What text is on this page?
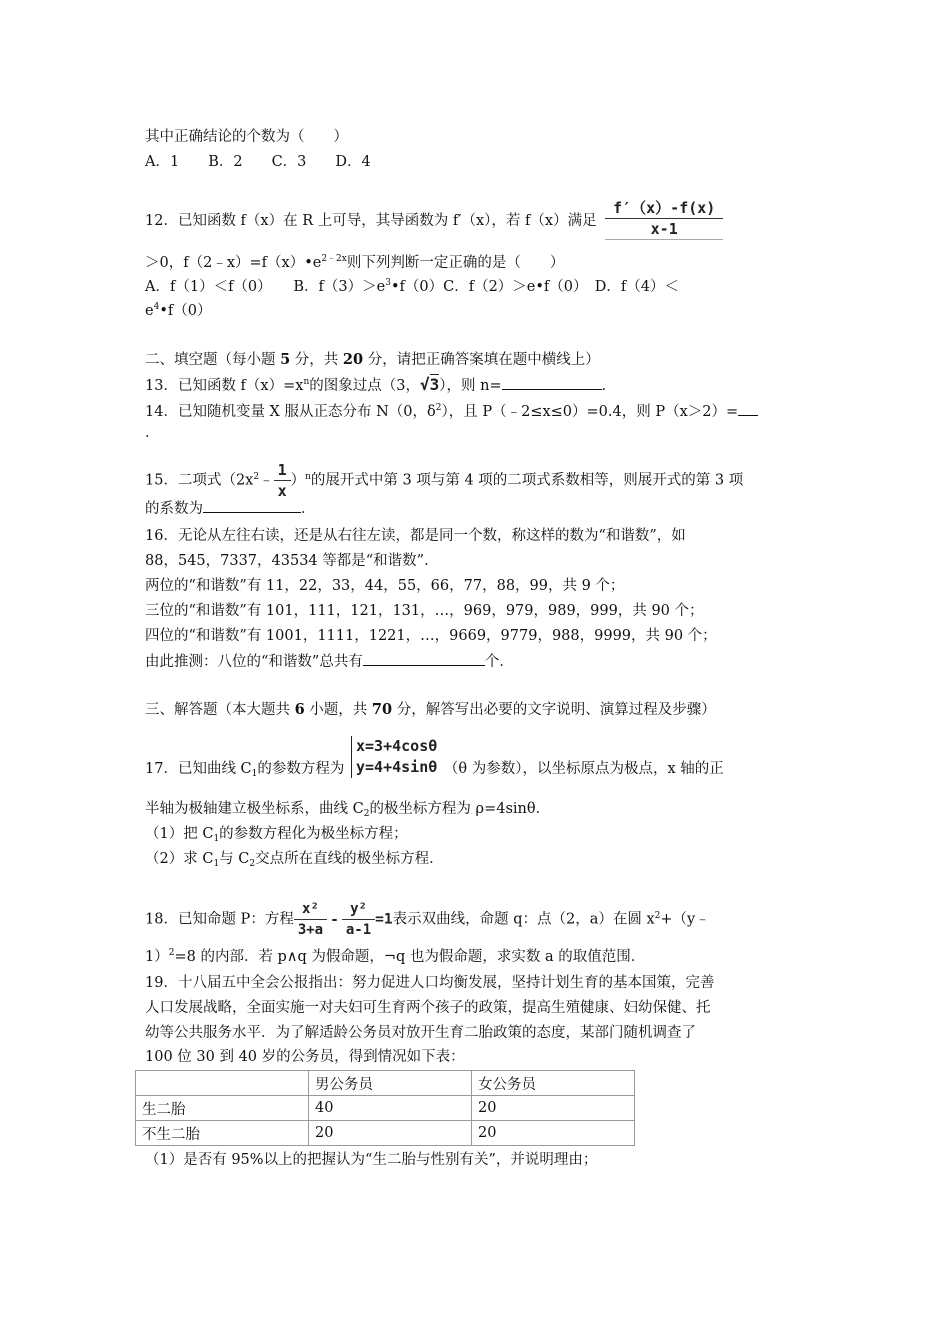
其中正确结论的个数为（　　）
A．1　　B．2　　C．3　　D．4
12．已知函数 f（x）在 R 上可导，其导函数为 f′（x），若 f（x）满足 $\frac{f'(x)-f(x)}{x-1}$
＞0，$f(2﹣x)=f(x)•e^{2﹣2x}$则下列判断一定正确的是（　　）
A．f（1）＜f（0）　　B．$f(3)>e^3•f(0)C$．f（2）＞e•f（0）　D．f（4）＜
$e^4•f(0)$
二、填空题（每小题 5 分，共 20 分，请把正确答案填在题中横线上）
13．已知函数 $f(x)=x^n$的图象过点（3，√3），则 n=	．
14．已知随机变量 X 服从正态分布 N（0，$\delta^2$），且 P（﹣2≤x≤0）=0.4，则 P（x＞2）=
．
15．二项式$(2x^2﹣ \frac{1}{x} )^n$的展开式中第 3 项与第 4 项的二项式系数相等，则展开式的第 3 项
的系数为	．
16．无论从左往右读，还是从右往左读，都是同一个数，称这样的数为“和谐数”，如
88，545，7337，43534 等都是“和谐数”．
两位的“和谐数”有 11，22，33，44，55，66，77，88，99，共 9 个；
三位的“和谐数”有 101，111，121，131，…，969，979，989，999，共 90 个；
四位的“和谐数”有 1001，1111，1221，…，9669，9779，988，9999，共 90 个；
由此推测：八位的“和谐数”总共有	个．
三、解答题（本大题共 6 小题，共 70 分，解答写出必要的文字说明、演算过程及步骤）
17．已知曲线 $C_1$的参数方程为
x=3+4cosθ
y=4+4sinθ （θ 为参数），以坐标原点为极点，x 轴的正
半轴为极轴建立极坐标系，曲线 $C_2$的极坐标方程为 ρ=4sinθ．
（1）把 $C_1$的参数方程化为极坐标方程；
（2）求 $C_1$与 $C_2$交点所在直线的极坐标方程．
18．已知命题 P：方程 $\frac{\text{x²}}{3+a} - \frac{\text{y²}}{a-1} =1$表示双曲线，命题 q：点（2，a）在圆 $x^2+(y﹣$
1）$^2$=8 的内部．若 p∧q 为假命题，¬q 也为假命题，求实数 a 的取值范围．
19．十八届五中全会公报指出：努力促进人口均衡发展，坚持计划生育的基本国策，完善
人口发展战略，全面实施一对夫妇可生育两个孩子的政策，提高生殖健康、妇幼保健、托
幼等公共服务水平．为了解适龄公务员对放开生育二胎政策的态度，某部门随机调查了
100 位 30 到 40 岁的公务员，得到情况如下表：
	男公务员	女公务员
生二胎	40	20
不生二胎	20	20
（1）是否有 95%以上的把握认为“生二胎与性别有关”，并说明理由；
